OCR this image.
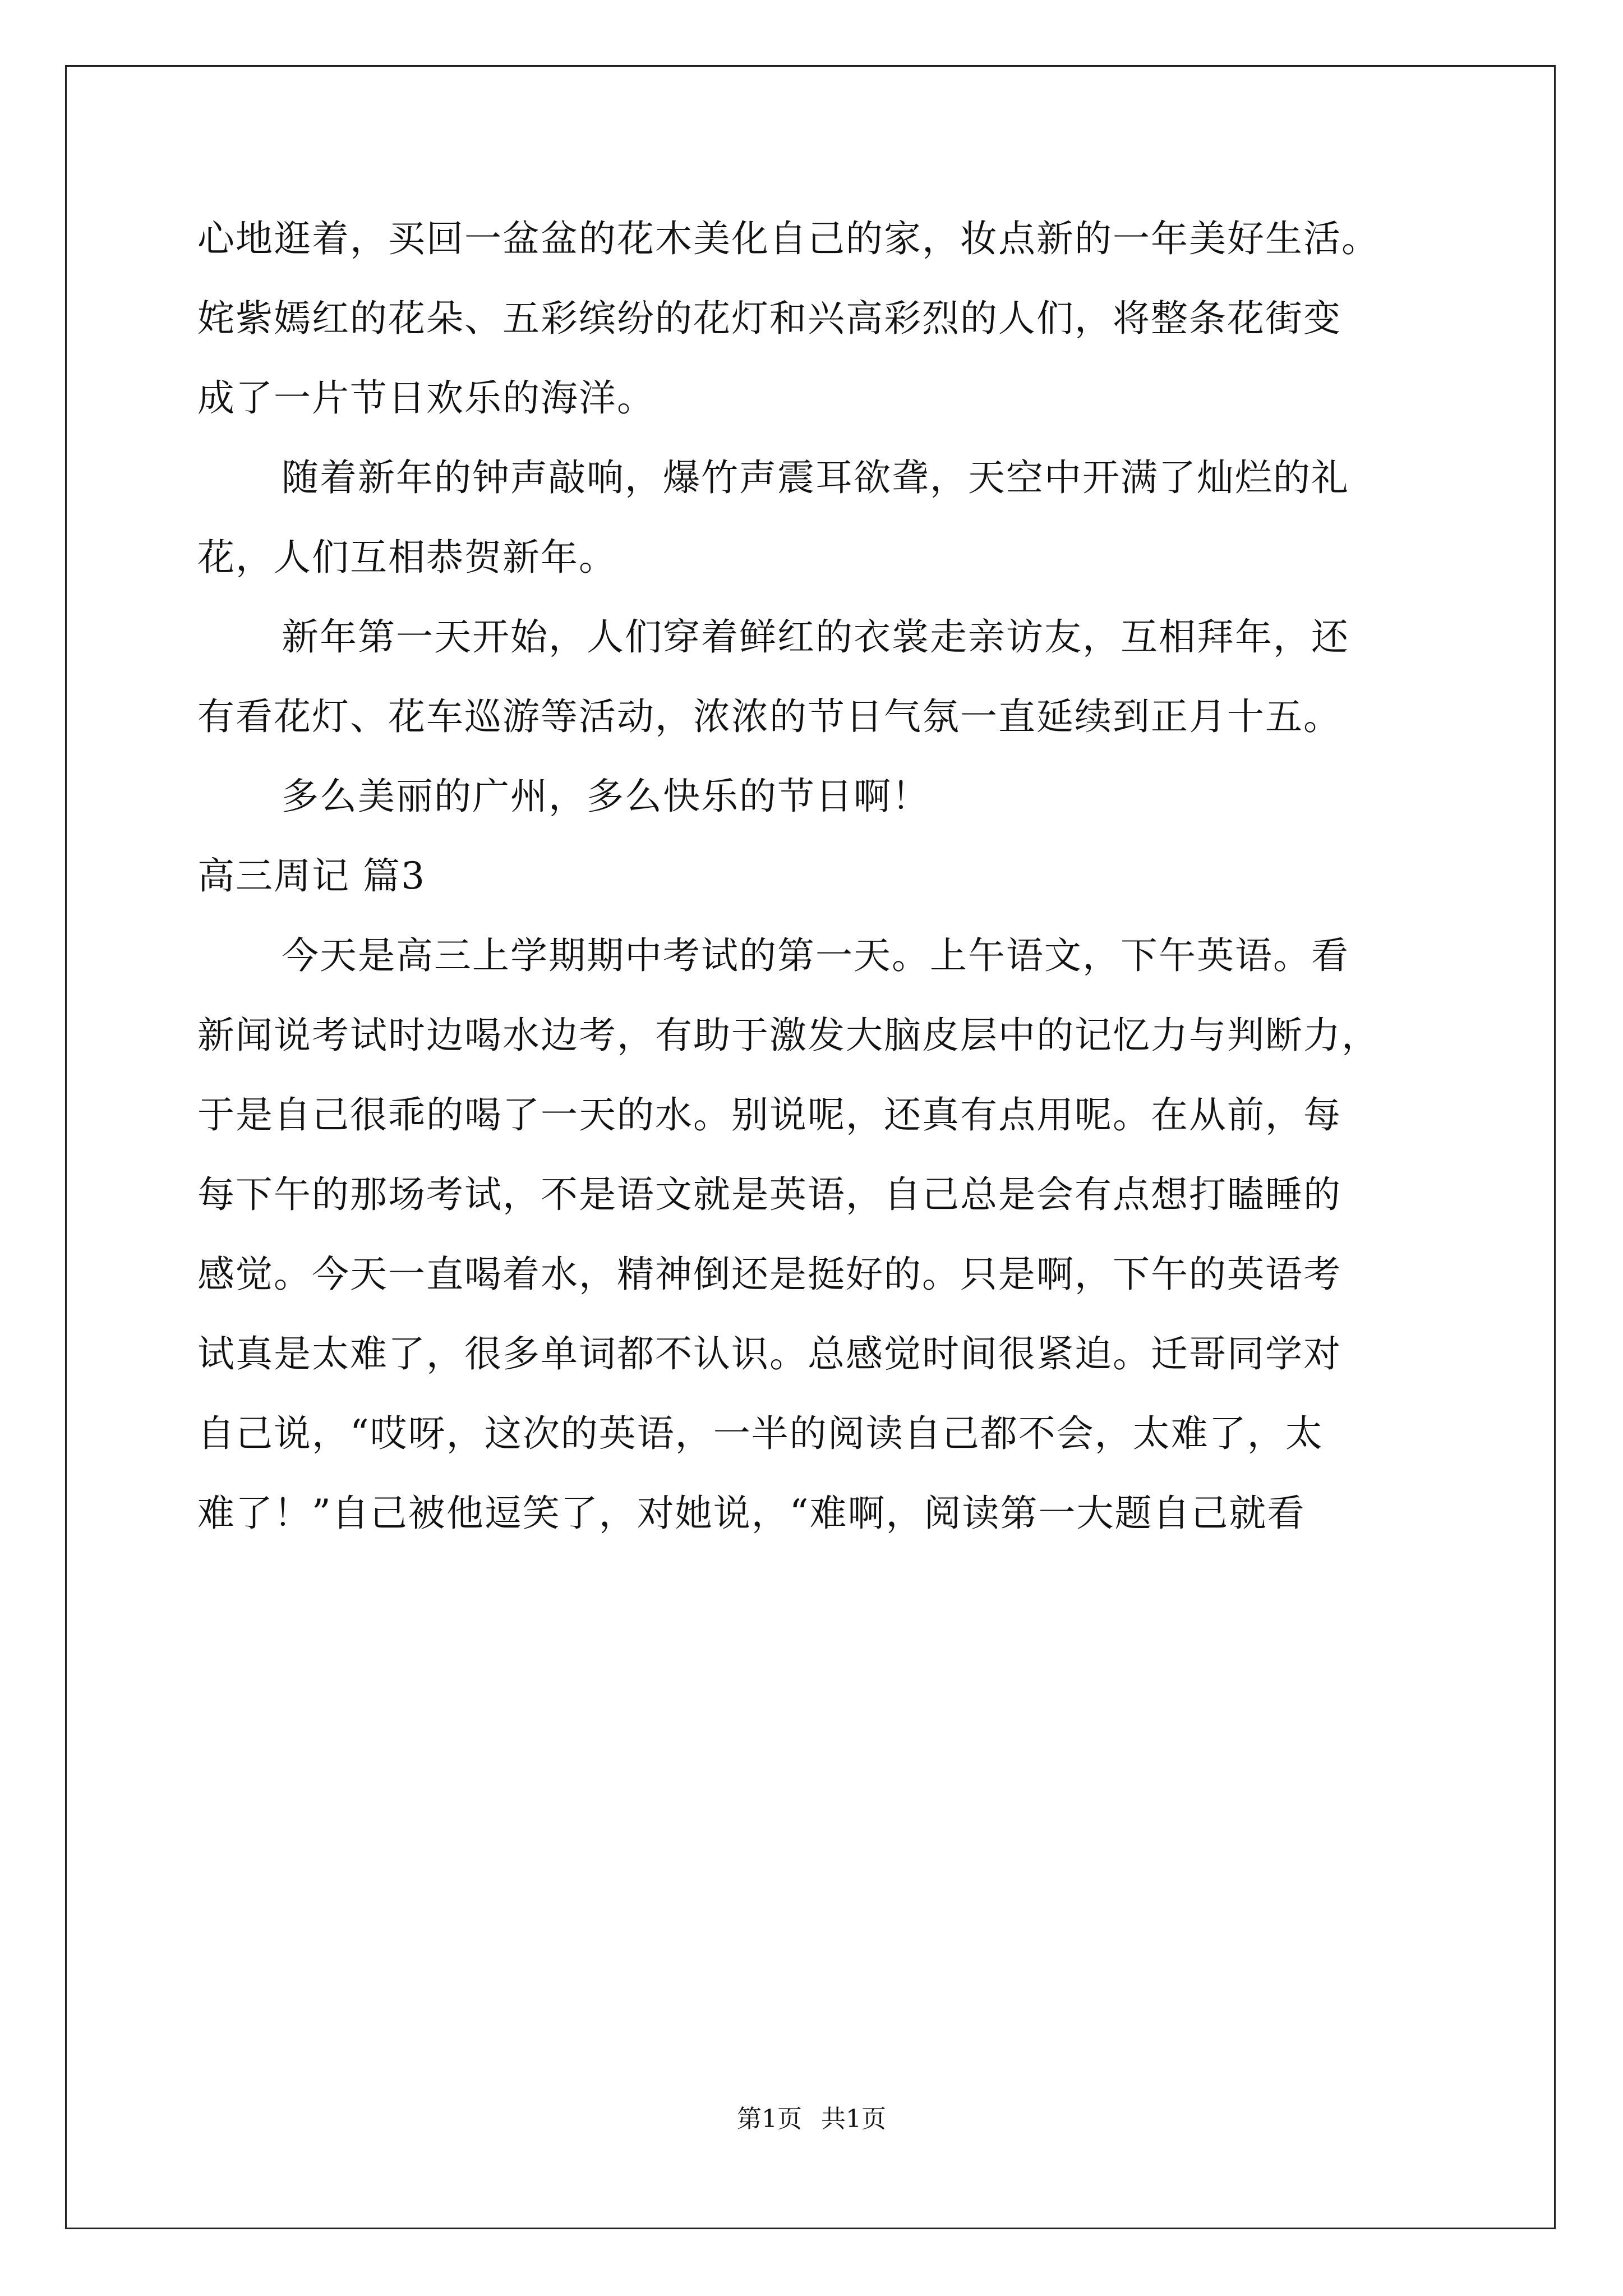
心地逛着，买回一盆盆的花木美化自己的家，妆点新的一年美好生活。
姹紫嫣红的花朵、五彩缤纷的花灯和兴高彩烈的人们，将整条花街变
成了一片节日欢乐的海洋。
随着新年的钟声敲响，爆竹声震耳欲聋，天空中开满了灿烂的礼
花，人们互相恭贺新年。
新年第一天开始，人们穿着鲜红的衣裳走亲访友，互相拜年，还
有看花灯、花车巡游等活动，浓浓的节日气氛一直延续到正月十五。
多么美丽的广州，多么快乐的节日啊！
高三周记 篇3
今天是高三上学期期中考试的第一天。上午语文，下午英语。看
新闻说考试时边喝水边考，有助于激发大脑皮层中的记忆力与判断力，
于是自己很乖的喝了一天的水。别说呢，还真有点用呢。在从前，每
每下午的那场考试，不是语文就是英语，自己总是会有点想打瞌睡的
感觉。今天一直喝着水，精神倒还是挺好的。只是啊，下午的英语考
试真是太难了，很多单词都不认识。总感觉时间很紧迫。迁哥同学对
自己说，“哎呀，这次的英语，一半的阅读自己都不会，太难了，太
难了！”自己被他逗笑了，对她说，“难啊，阅读第一大题自己就看
第1页 共1页
